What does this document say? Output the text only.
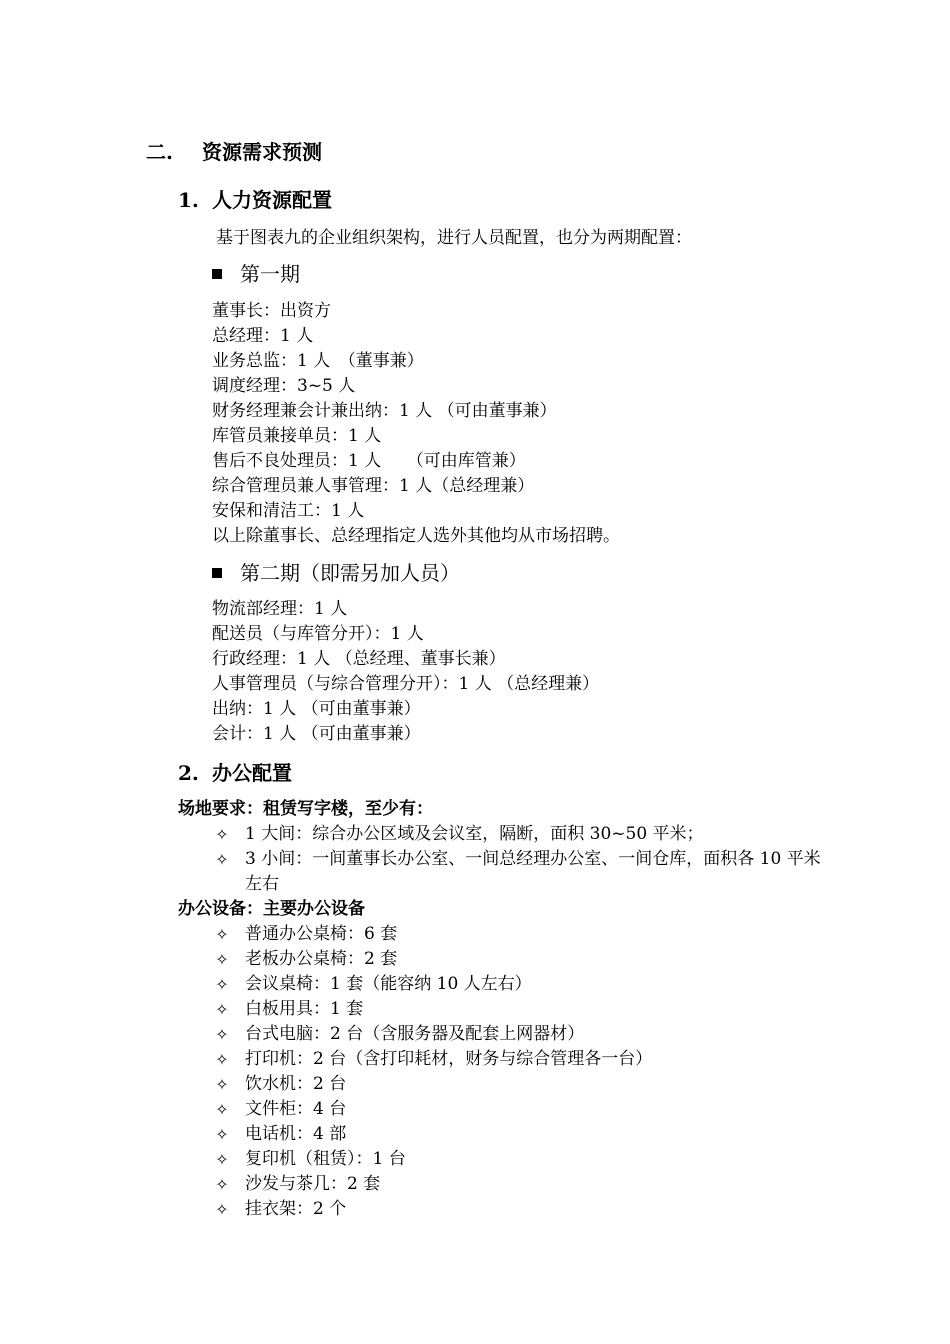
二. 资源需求预测
1. 人力资源配置
基于图表九的企业组织架构，进行人员配置，也分为两期配置：
第一期
董事长：出资方
总经理：1 人
业务总监：1 人　（董事兼）
调度经理：3~5 人
财务经理兼会计兼出纳：1 人 （可由董事兼）
库管员兼接单员：1 人
售后不良处理员：1 人　　（可由库管兼）
综合管理员兼人事管理：1 人（总经理兼）
安保和清洁工：1 人
以上除董事长、总经理指定人选外其他均从市场招聘。
第二期（即需另加人员）
物流部经理：1 人
配送员（与库管分开）：1 人
行政经理：1 人 （总经理、董事长兼）
人事管理员（与综合管理分开）：1 人 （总经理兼）
出纳：1 人 （可由董事兼）
会计：1 人 （可由董事兼）
2. 办公配置
场地要求：租赁写字楼，至少有：
✧ 1 大间：综合办公区域及会议室，隔断，面积 30~50 平米；
✧ 3 小间：一间董事长办公室、一间总经理办公室、一间仓库，面积各 10 平米左右
办公设备：主要办公设备
✧ 普通办公桌椅：6 套
✧ 老板办公桌椅：2 套
✧ 会议桌椅：1 套（能容纳 10 人左右）
✧ 白板用具：1 套
✧ 台式电脑：2 台（含服务器及配套上网器材）
✧ 打印机：2 台（含打印耗材，财务与综合管理各一台）
✧ 饮水机：2 台
✧ 文件柜：4 台
✧ 电话机：4 部
✧ 复印机（租赁）：1 台
✧ 沙发与茶几：2 套
✧ 挂衣架：2 个
